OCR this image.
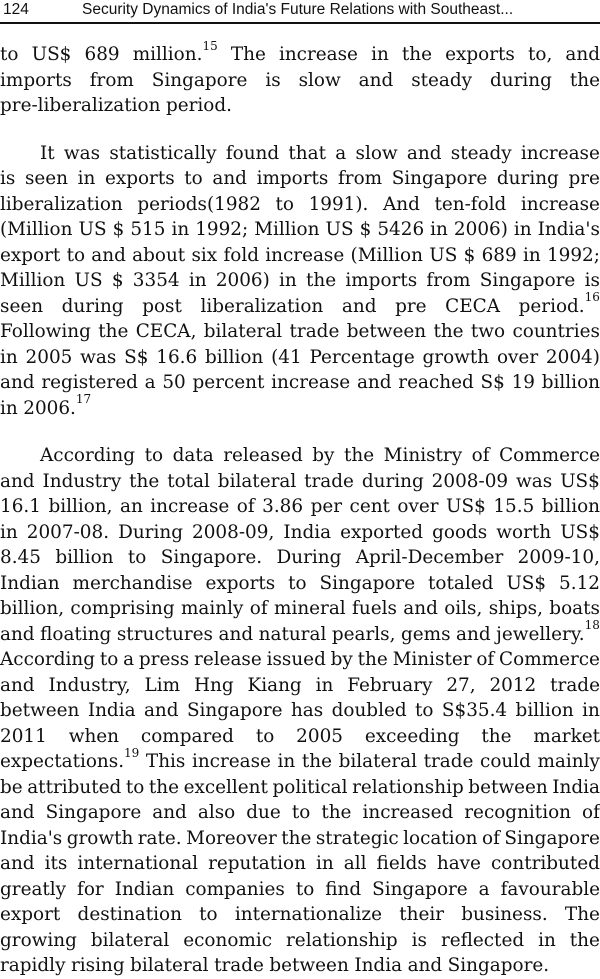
124	Security Dynamics of India's Future Relations with Southeast...
to US$ 689 million.$^{15}$ The increase in the exports to, and
imports from Singapore is slow and steady during the
pre-liberalization period.
It was statistically found that a slow and steady increase
is seen in exports to and imports from Singapore during pre
liberalization periods(1982 to 1991). And ten-fold increase
(Million US $ 515 in 1992; Million US $ 5426 in 2006) in India's
export to and about six fold increase (Million US $ 689 in 1992;
Million US $ 3354 in 2006) in the imports from Singapore is
seen during post liberalization and pre CECA period.$^{16}$
Following the CECA, bilateral trade between the two countries
in 2005 was S$ 16.6 billion (41 Percentage growth over 2004)
and registered a 50 percent increase and reached S$ 19 billion
in 2006.17
According to data released by the Ministry of Commerce
and Industry the total bilateral trade during 2008-09 was US$
16.1 billion, an increase of 3.86 per cent over US$ 15.5 billion
in 2007-08. During 2008-09, India exported goods worth US$
8.45 billion to Singapore. During April-December 2009-10,
Indian merchandise exports to Singapore totaled US$ 5.12
billion, comprising mainly of mineral fuels and oils, ships, boats
and floating structures and natural pearls, gems and jewellery.$^{18}$
According to a press release issued by the Minister of Commerce
and Industry, Lim Hng Kiang in February 27, 2012 trade
between India and Singapore has doubled to S$35.4 billion in
2011 when compared to 2005 exceeding the market
expectations.$^{19}$ This increase in the bilateral trade could mainly
be attributed to the excellent political relationship between India
and Singapore and also due to the increased recognition of
India's growth rate. Moreover the strategic location of Singapore
and its international reputation in all fields have contributed
greatly for Indian companies to find Singapore a favourable
export destination to internationalize their business. The
growing bilateral economic relationship is reflected in the
rapidly rising bilateral trade between India and Singapore.
